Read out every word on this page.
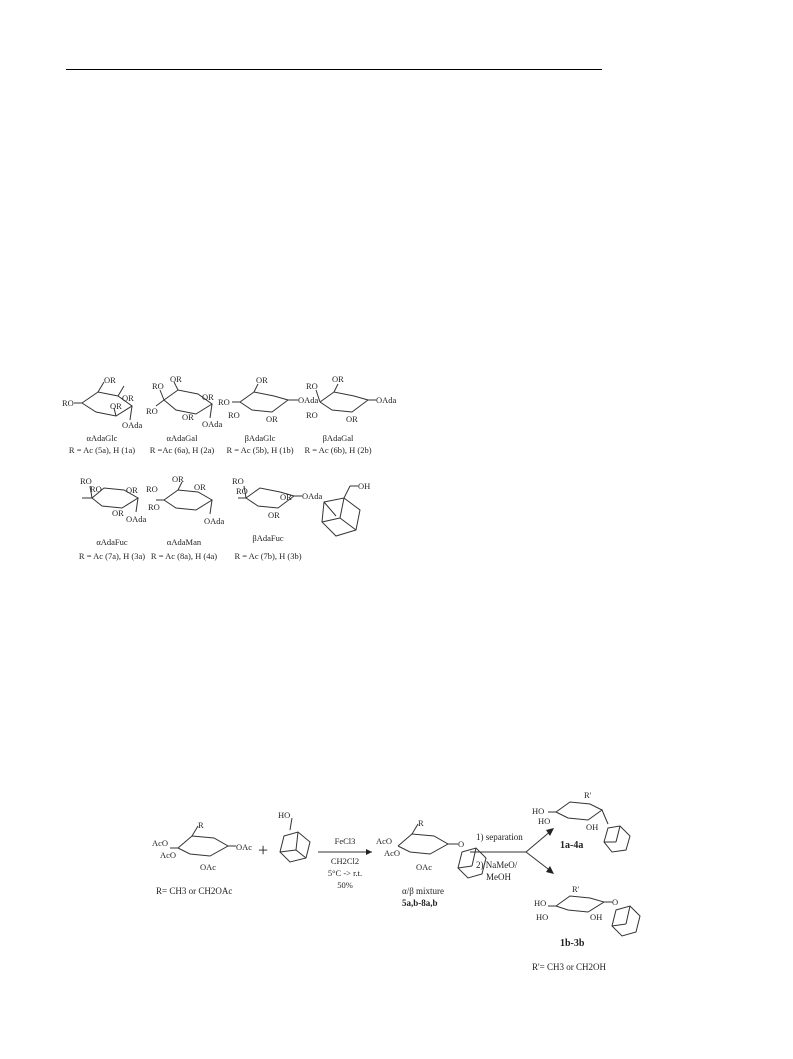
OR
RO	OR
OR
OAda
αAdaGlc
R = Ac (5a), H (1a)
RO
OR
RO
OR
OR
OAda
αAdaGal
R =Ac (6a), H (2a)
OR
RO
RO	OR
OAda
βAdaGlc
R = Ac (5b), H (1b)
RO
OR
RO	OR
OAda
βAdaGal
R = Ac (6b), H (2b)
RO
RO	OR
OR
OAda
αAdaFuc
R = Ac (7a), H (3a)
OR
RO
RO
OR
OAda
αAdaMan
R = Ac (8a), H (4a)
RO
RO
OR
OR
OAda
βAdaFuc
R = Ac (7b), H (3b)
OH
AcO
AcO
R
OAc
OAc
R= CH3 or CH2OAc
+
HO
FeCl3
CH2Cl2
5°C -> r.t.
50%
AcO
AcO
R
OAc
O
α/β mixture
5a,b-8a,b
1) separation
2) NaMeO/
MeOH
HO
HO
R'
OH
1a-4a
HO
HO
R'
OH
O
1b-3b
R'= CH3 or CH2OH
